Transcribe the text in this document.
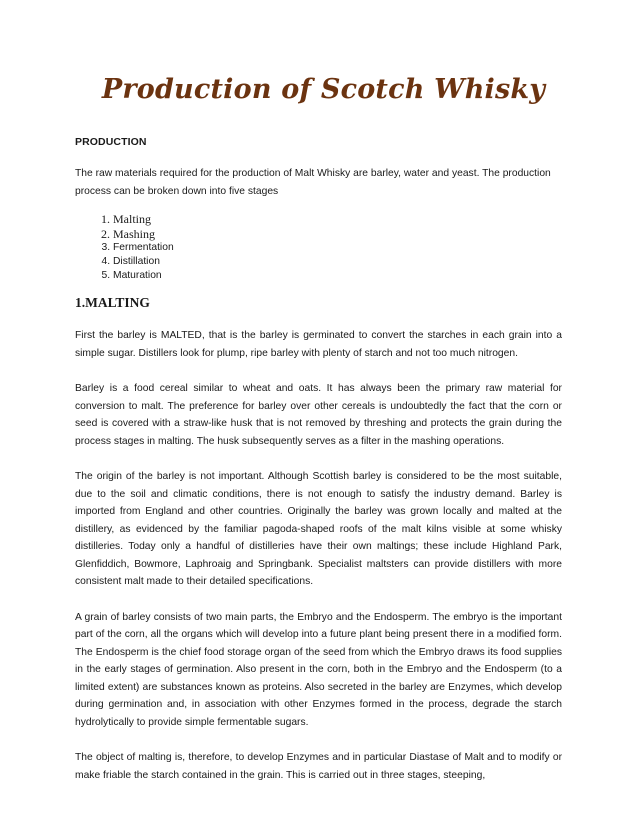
Production of Scotch Whisky
PRODUCTION

The raw materials required for the production of Malt Whisky are barley, water and yeast. The production process can be broken down into five stages

1. Malting
2. Mashing
3. Fermentation
4. Distillation
5. Maturation
1.MALTING

First the barley is MALTED, that is the barley is germinated to convert the starches in each grain into a simple sugar. Distillers look for plump, ripe barley with plenty of starch and not too much nitrogen.

Barley is a food cereal similar to wheat and oats. It has always been the primary raw material for conversion to malt. The preference for barley over other cereals is undoubtedly the fact that the corn or seed is covered with a straw-like husk that is not removed by threshing and protects the grain during the process stages in malting. The husk subsequently serves as a filter in the mashing operations.

The origin of the barley is not important. Although Scottish barley is considered to be the most suitable, due to the soil and climatic conditions, there is not enough to satisfy the industry demand. Barley is imported from England and other countries. Originally the barley was grown locally and malted at the distillery, as evidenced by the familiar pagoda-shaped roofs of the malt kilns visible at some whisky distilleries. Today only a handful of distilleries have their own maltings; these include Highland Park, Glenfiddich, Bowmore, Laphroaig and Springbank. Specialist maltsters can provide distillers with more consistent malt made to their detailed specifications.

A grain of barley consists of two main parts, the Embryo and the Endosperm. The embryo is the important part of the corn, all the organs which will develop into a future plant being present there in a modified form. The Endosperm is the chief food storage organ of the seed from which the Embryo draws its food supplies in the early stages of germination. Also present in the corn, both in the Embryo and the Endosperm (to a limited extent) are substances known as proteins. Also secreted in the barley are Enzymes, which develop during germination and, in association with other Enzymes formed in the process, degrade the starch hydrolytically to provide simple fermentable sugars.

The object of malting is, therefore, to develop Enzymes and in particular Diastase of Malt and to modify or make friable the starch contained in the grain. This is carried out in three stages, steeping,
